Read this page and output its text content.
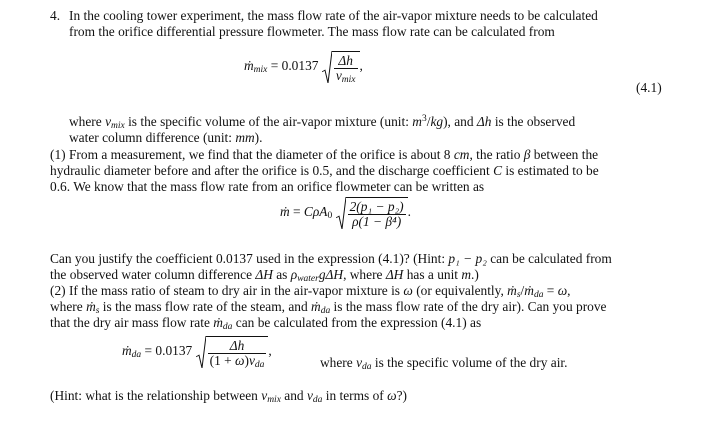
4. In the cooling tower experiment, the mass flow rate of the air-vapor mixture needs to be calculated
from the orifice differential pressure flowmeter. The mass flow rate can be calculated from
ṁ$_{mix}$ = $0.0137 \frac{\Delta h}{v_{mix}}$ ,
(4.1)
where $v_{mix}$ is the specific volume of the air-vapor mixture (unit: $m^3/kg$), and Δh is the observed
water column difference (unit: mm).
(1) From a measurement, we find that the diameter of the orifice is about 8 cm, the ratio β between the
hydraulic diameter before and after the orifice is 0.5, and the discharge coefficient C is estimated to be
0.6. We know that the mass flow rate from an orifice flowmeter can be written as
ṁ = $C\rho A_0 \frac{\text{2(p₁ − p₂)}}{\text{ρ(1 − β⁴)}}$ .
Can you justify the coefficient 0.0137 used in the expression (4.1)? (Hint: p₁ − p₂ can be calculated from
the observed water column difference ΔH as $\rho_{water}g\Delta H$, where ΔH has a unit m.)
(2) If the mass ratio of steam to dry air in the air-vapor mixture is ω (or equivalently, ṁ$_s$/ṁ$_{da}$ = ω,
where ṁ$_s$ is the mass flow rate of the steam, and ṁ$_{da}$ is the mass flow rate of the dry air). Can you prove
that the dry air mass flow rate ṁ$_{da}$ can be calculated from the expression (4.1) as
ṁ$_{da}$ = $0.0137 \frac{\Delta h}{(1 + \omega)v_{da}}$ ,
where $v_{da}$ is the specific volume of the dry air.
(Hint: what is the relationship between $v_{mix}$ and $v_{da}$ in terms of ω?)
